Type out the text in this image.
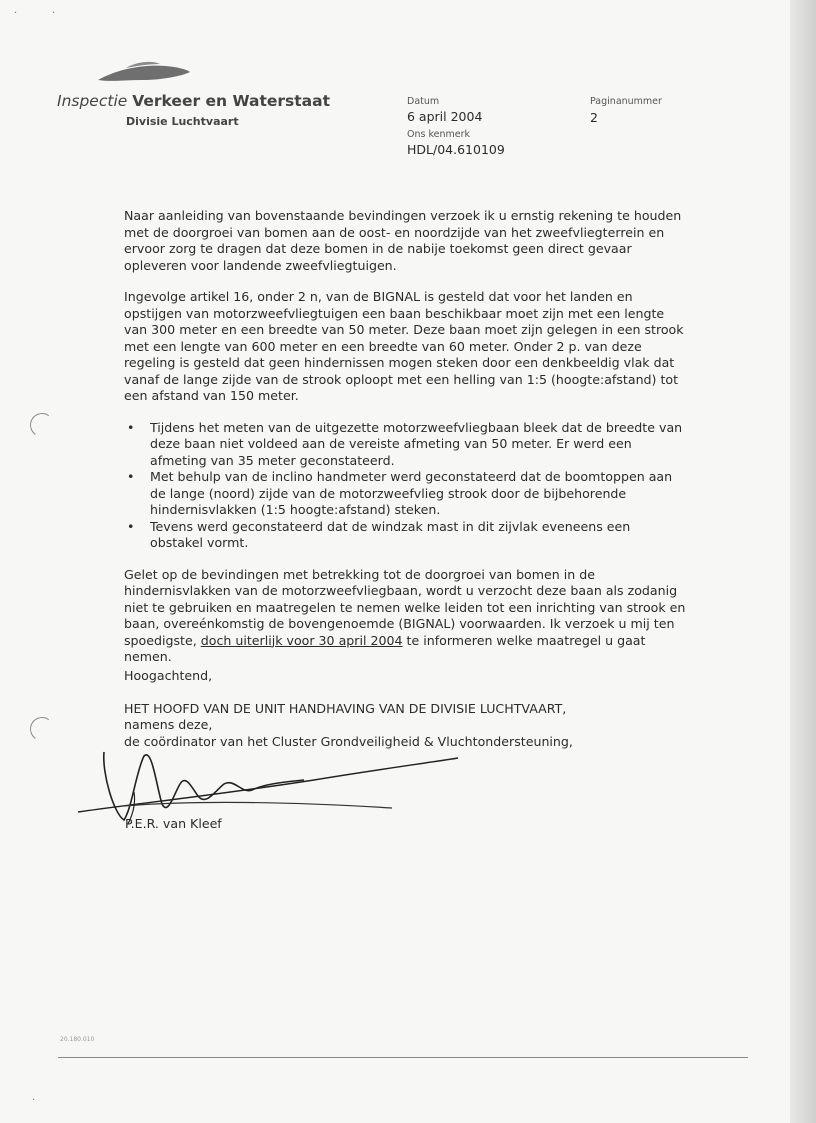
Inspectie Verkeer en Waterstaat
Divisie Luchtvaart
Datum
6 april 2004
Ons kenmerk
HDL/04.610109
Paginanummer
2

Naar aanleiding van bovenstaande bevindingen verzoek ik u ernstig rekening te houden met de doorgroei van bomen aan de oost- en noordzijde van het zweefvliegterrein en ervoor zorg te dragen dat deze bomen in de nabije toekomst geen direct gevaar opleveren voor landende zweefvliegtuigen.

Ingevolge artikel 16, onder 2 n, van de BIGNAL is gesteld dat voor het landen en opstijgen van motorzweefvliegtuigen een baan beschikbaar moet zijn met een lengte van 300 meter en een breedte van 50 meter. Deze baan moet zijn gelegen in een strook met een lengte van 600 meter en een breedte van 60 meter. Onder 2 p. van deze regeling is gesteld dat geen hindernissen mogen steken door een denkbeeldig vlak dat vanaf de lange zijde van de strook oploopt met een helling van 1:5 (hoogte:afstand) tot een afstand van 150 meter.

• Tijdens het meten van de uitgezette motorzweefvliegbaan bleek dat de breedte van deze baan niet voldeed aan de vereiste afmeting van 50 meter. Er werd een afmeting van 35 meter geconstateerd.
• Met behulp van de inclino handmeter werd geconstateerd dat de boomtoppen aan de lange (noord) zijde van de motorzweefvlieg strook door de bijbehorende hindernisvlakken (1:5 hoogte:afstand) steken.
• Tevens werd geconstateerd dat de windzak mast in dit zijvlak eveneens een obstakel vormt.

Gelet op de bevindingen met betrekking tot de doorgroei van bomen in de hindernisvlakken van de motorzweefvliegbaan, wordt u verzocht deze baan als zodanig niet te gebruiken en maatregelen te nemen welke leiden tot een inrichting van strook en baan, overeénkomstig de bovengenoemde (BIGNAL) voorwaarden. Ik verzoek u mij ten spoedigste, doch uiterlijk voor 30 april 2004 te informeren welke maatregel u gaat nemen.

Hoogachtend,
HET HOOFD VAN DE UNIT HANDHAVING VAN DE DIVISIE LUCHTVAART,
namens deze,
de coördinator van het Cluster Grondveiligheid & Vluchtondersteuning,
P.E.R. van Kleef
20.180.010
·	·
·
